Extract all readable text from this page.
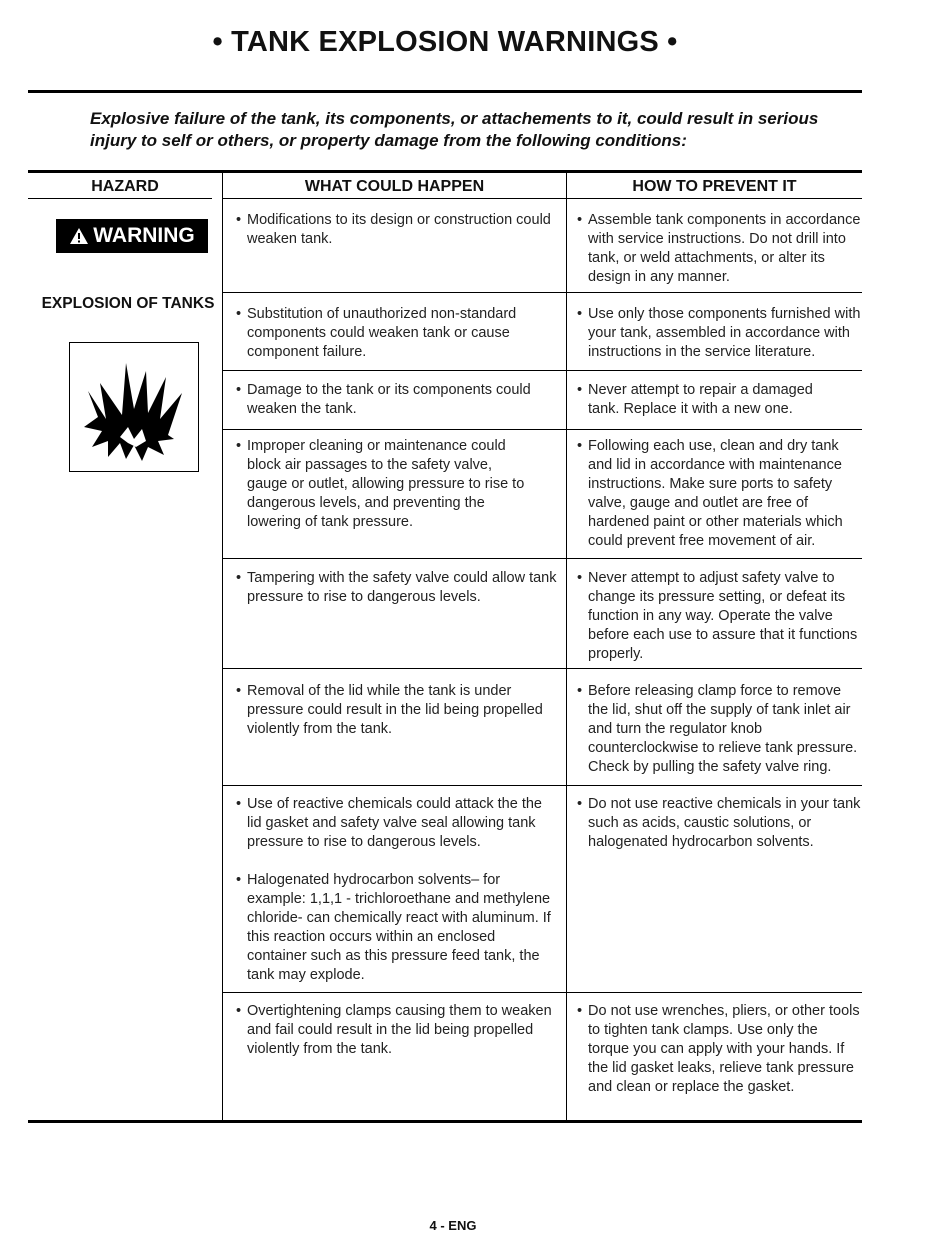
• TANK EXPLOSION WARNINGS •
Explosive failure of the tank, its components, or attachements to it, could result in serious injury to self or others, or property damage from the following conditions:
HAZARD	WHAT COULD HAPPEN	HOW TO PREVENT IT
WARNING
EXPLOSION OF TANKS
• Modifications to its design or construction could weaken tank.
• Assemble tank components in accordance with service instructions. Do not drill into tank, or weld attachments, or alter its design in any manner.
• Substitution of unauthorized non-standard components could weaken tank or cause component failure.
• Use only those components furnished with your tank, assembled in accordance with instructions in the service literature.
• Damage to the tank or its components could weaken the tank.
• Never attempt to repair a damaged tank. Replace it with a new one.
• Improper cleaning or maintenance could block air passages to the safety valve, gauge or outlet, allowing pressure to rise to dangerous levels, and preventing the lowering of tank pressure.
• Following each use, clean and dry tank and lid in accordance with maintenance instructions. Make sure ports to safety valve, gauge and outlet are free of hardened paint or other materials which could prevent free movement of air.
• Tampering with the safety valve could allow tank pressure to rise to dangerous levels.
• Never attempt to adjust safety valve to change its pressure setting, or defeat its function in any way. Operate the valve before each use to assure that it functions properly.
• Removal of the lid while the tank is under pressure could result in the lid being propelled violently from the tank.
• Before releasing clamp force to remove the lid, shut off the supply of tank inlet air and turn the regulator knob counterclockwise to relieve tank pressure. Check by pulling the safety valve ring.
• Use of reactive chemicals could attack the the lid gasket and safety valve seal allowing tank pressure to rise to dangerous levels.
• Halogenated hydrocarbon solvents– for example: 1,1,1 - trichloroethane and methylene chloride- can chemically react with aluminum. If this reaction occurs within an enclosed container such as this pressure feed tank, the tank may explode.
• Do not use reactive chemicals in your tank such as acids, caustic solutions, or halogenated hydrocarbon solvents.
• Overtightening clamps causing them to weaken and fail could result in the lid being propelled violently from the tank.
• Do not use wrenches, pliers, or other tools to tighten tank clamps. Use only the torque you can apply with your hands. If the lid gasket leaks, relieve tank pressure and clean or replace the gasket.
4 - ENG
